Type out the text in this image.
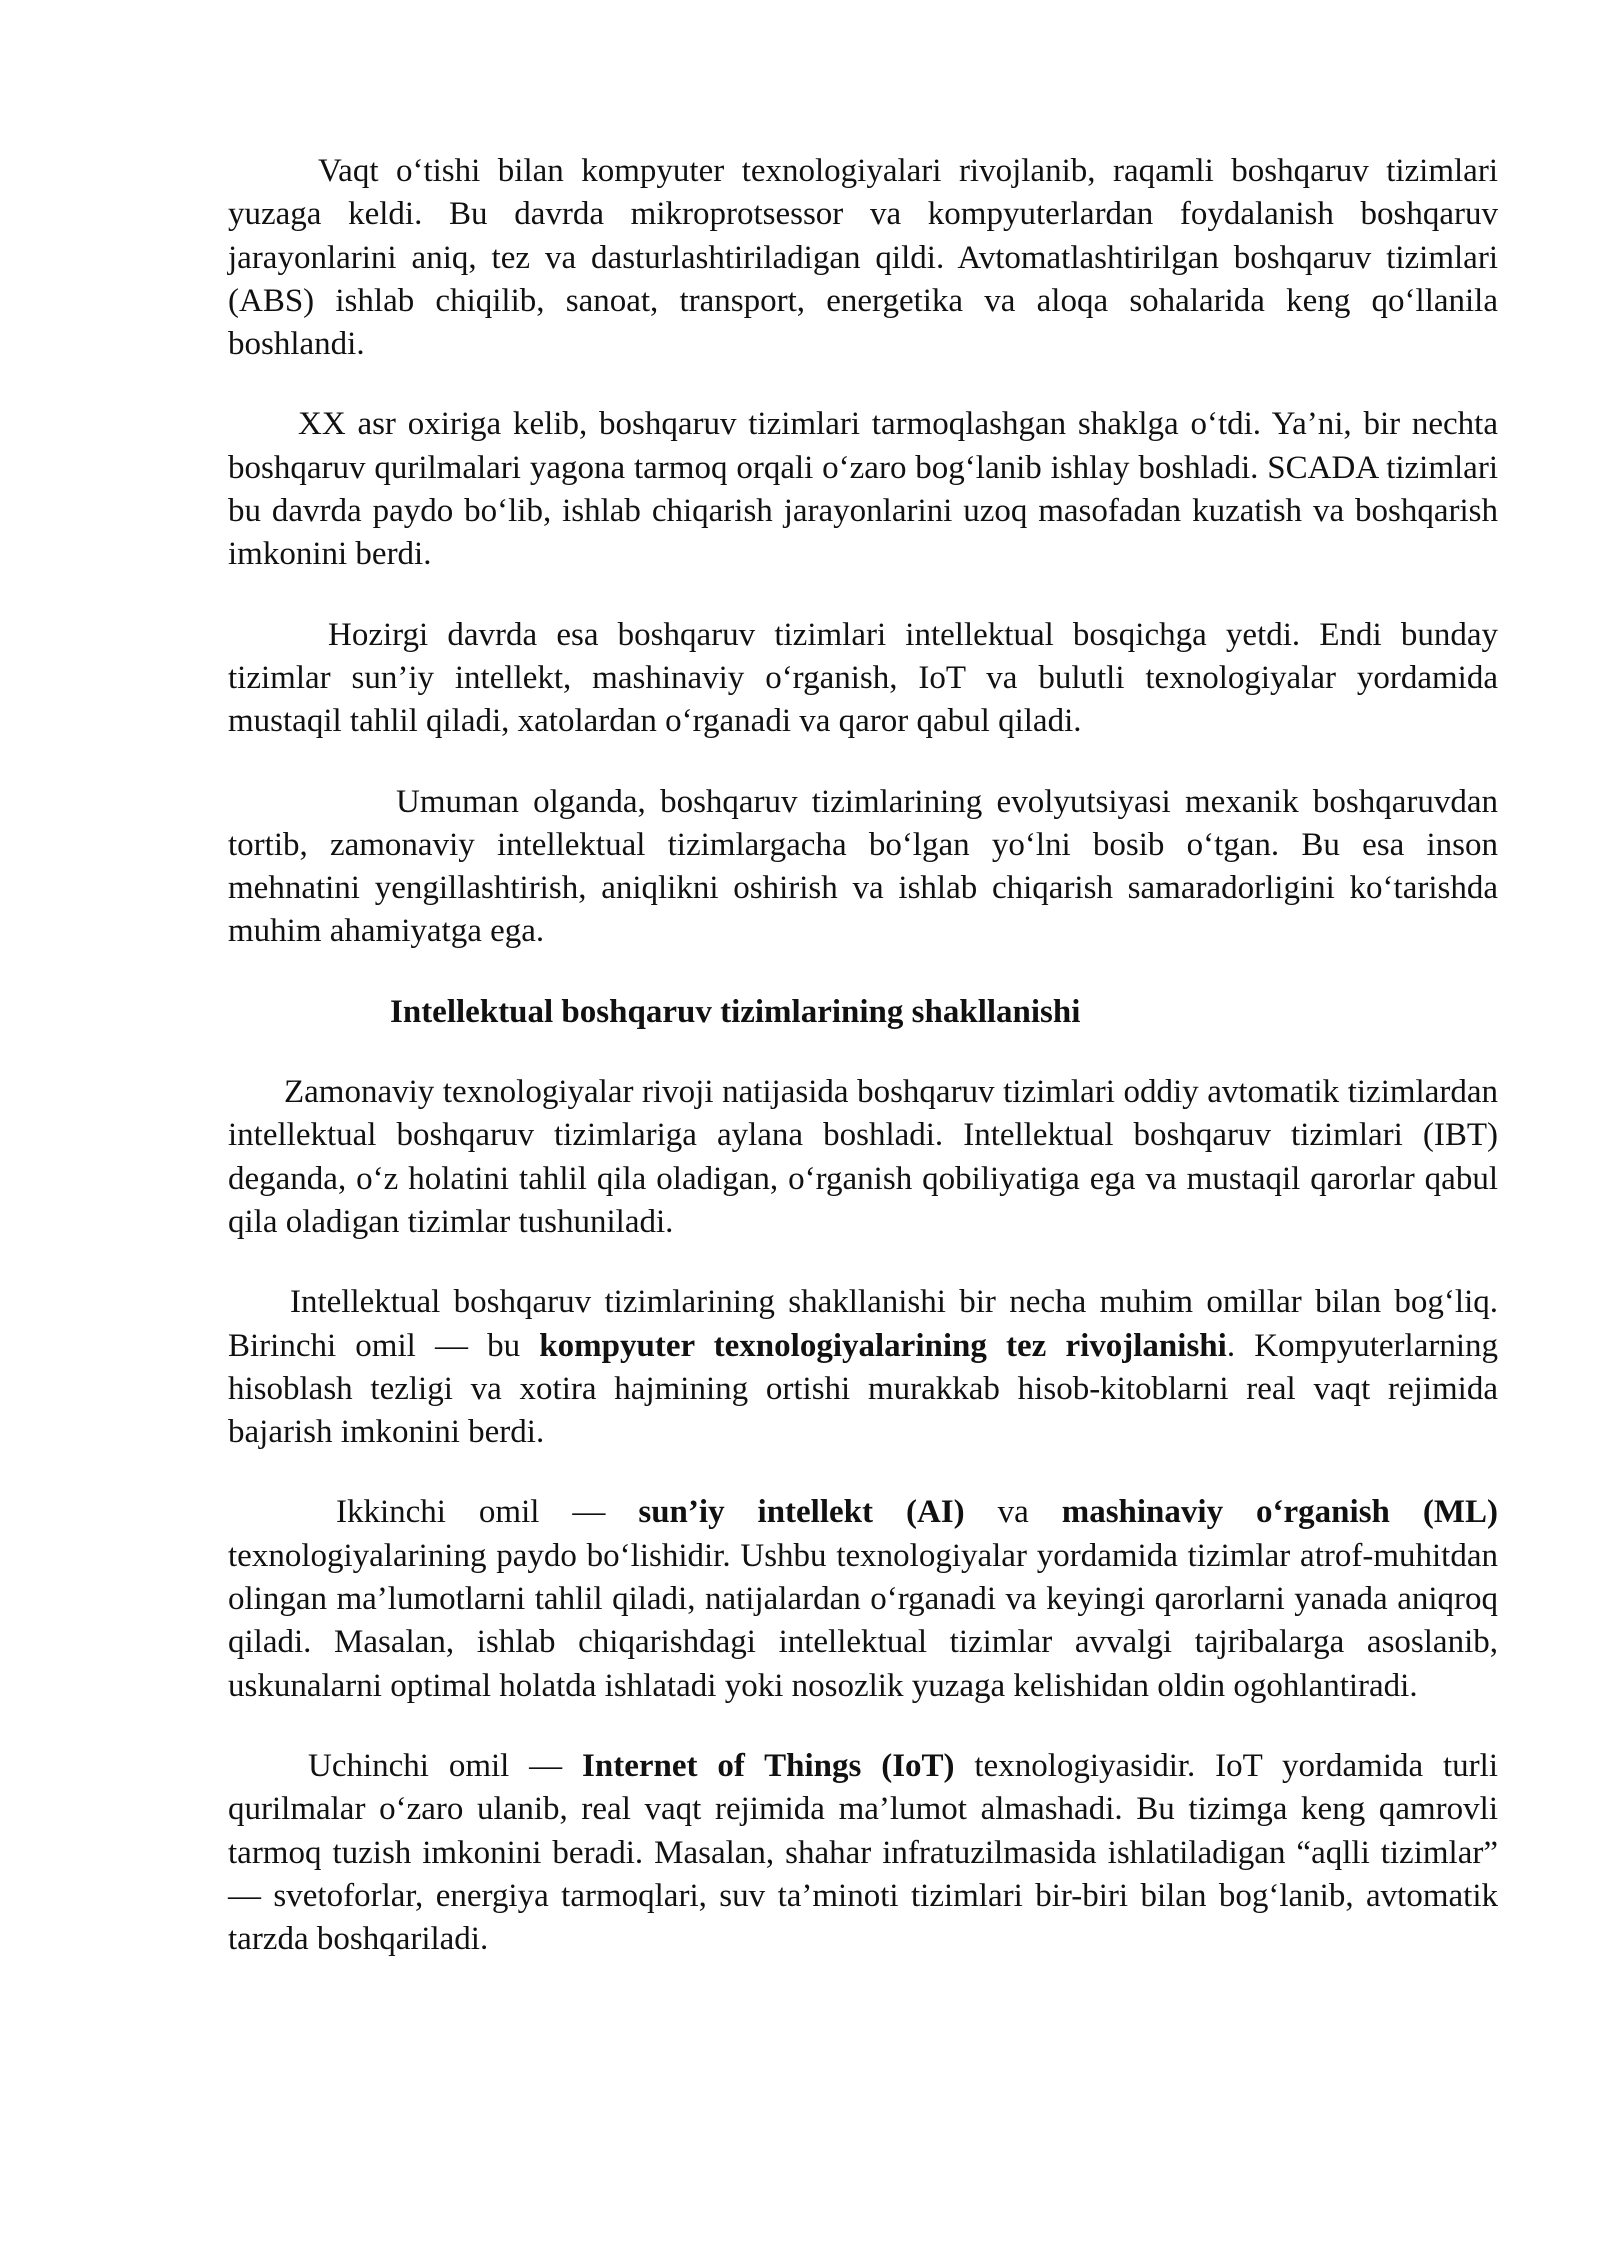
Vaqt o‘tishi bilan kompyuter texnologiyalari rivojlanib, raqamli boshqaruv tizimlari yuzaga keldi. Bu davrda mikroprotsessor va kompyuterlardan foydalanish boshqaruv jarayonlarini aniq, tez va dasturlashtiriladigan qildi. Avtomatlashtirilgan boshqaruv tizimlari (ABS) ishlab chiqilib, sanoat, transport, energetika va aloqa sohalarida keng qo‘llanila boshlandi.
XX asr oxiriga kelib, boshqaruv tizimlari tarmoqlashgan shaklga o‘tdi. Ya’ni, bir nechta boshqaruv qurilmalari yagona tarmoq orqali o‘zaro bog‘lanib ishlay boshladi. SCADA tizimlari bu davrda paydo bo‘lib, ishlab chiqarish jarayonlarini uzoq masofadan kuzatish va boshqarish imkonini berdi.
Hozirgi davrda esa boshqaruv tizimlari intellektual bosqichga yetdi. Endi bunday tizimlar sun’iy intellekt, mashinaviy o‘rganish, IoT va bulutli texnologiyalar yordamida mustaqil tahlil qiladi, xatolardan o‘rganadi va qaror qabul qiladi.
Umuman olganda, boshqaruv tizimlarining evolyutsiyasi mexanik boshqaruvdan tortib, zamonaviy intellektual tizimlargacha bo‘lgan yo‘lni bosib o‘tgan. Bu esa inson mehnatini yengillashtirish, aniqlikni oshirish va ishlab chiqarish samaradorligini ko‘tarishda muhim ahamiyatga ega.
Intellektual boshqaruv tizimlarining shakllanishi
Zamonaviy texnologiyalar rivoji natijasida boshqaruv tizimlari oddiy avtomatik tizimlardan intellektual boshqaruv tizimlariga aylana boshladi. Intellektual boshqaruv tizimlari (IBT) deganda, o‘z holatini tahlil qila oladigan, o‘rganish qobiliyatiga ega va mustaqil qarorlar qabul qila oladigan tizimlar tushuniladi.
Intellektual boshqaruv tizimlarining shakllanishi bir necha muhim omillar bilan bog‘liq. Birinchi omil — bu kompyuter texnologiyalarining tez rivojlanishi. Kompyuterlarning hisoblash tezligi va xotira hajmining ortishi murakkab hisob-kitoblarni real vaqt rejimida bajarish imkonini berdi.
Ikkinchi omil — sun’iy intellekt (AI) va mashinaviy o‘rganish (ML) texnologiyalarining paydo bo‘lishidir. Ushbu texnologiyalar yordamida tizimlar atrof-muhitdan olingan ma’lumotlarni tahlil qiladi, natijalardan o‘rganadi va keyingi qarorlarni yanada aniqroq qiladi. Masalan, ishlab chiqarishdagi intellektual tizimlar avvalgi tajribalarga asoslanib, uskunalarni optimal holatda ishlatadi yoki nosozlik yuzaga kelishidan oldin ogohlantiradi.
Uchinchi omil — Internet of Things (IoT) texnologiyasidir. IoT yordamida turli qurilmalar o‘zaro ulanib, real vaqt rejimida ma’lumot almashadi. Bu tizimga keng qamrovli tarmoq tuzish imkonini beradi. Masalan, shahar infratuzilmasida ishlatiladigan “aqlli tizimlar” — svetoforlar, energiya tarmoqlari, suv ta’minoti tizimlari bir-biri bilan bog‘lanib, avtomatik tarzda boshqariladi.
